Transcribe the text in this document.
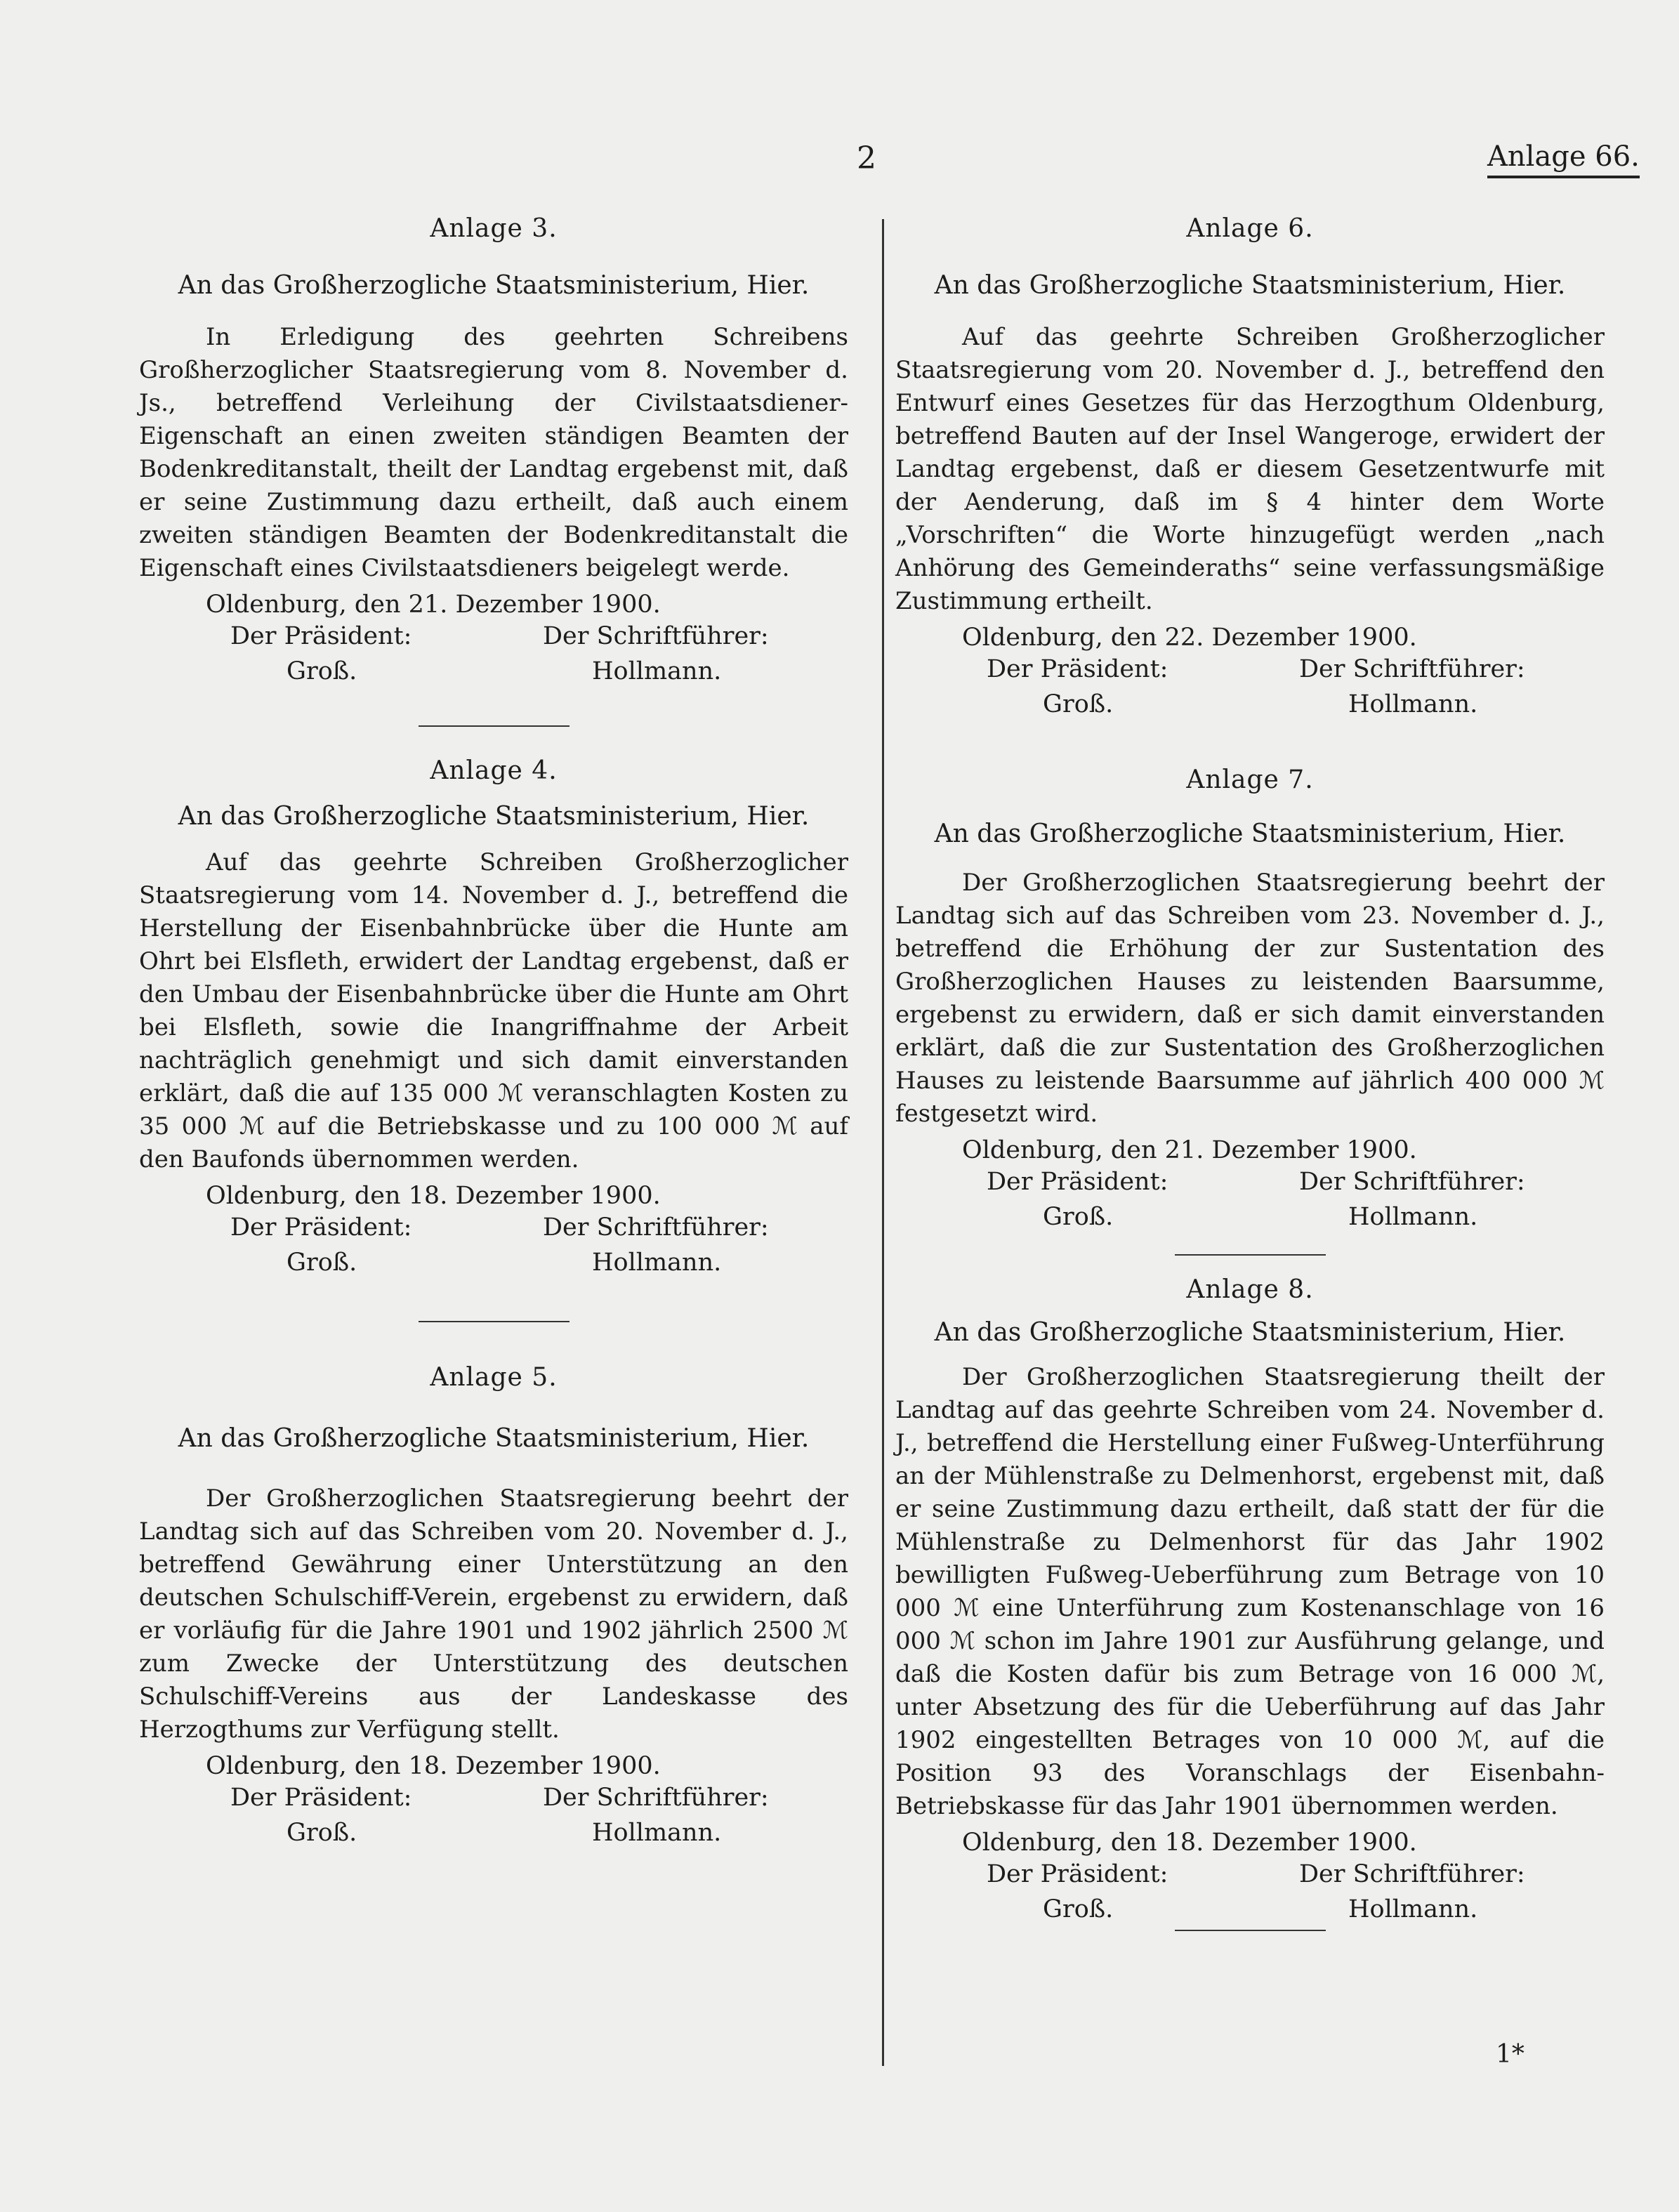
2	Anlage 66.
Anlage 3.
An das Großherzogliche Staatsministerium, Hier.

In Erledigung des geehrten Schreibens Großherzoglicher Staatsregierung vom 8. November d. Js., betreffend Verleihung der Civilstaatsdiener-Eigenschaft an einen zweiten ständigen Beamten der Bodenkreditanstalt, theilt der Landtag ergebenst mit, daß er seine Zustimmung dazu ertheilt, daß auch einem zweiten ständigen Beamten der Bodenkreditanstalt die Eigenschaft eines Civilstaatsdieners beigelegt werde.

Oldenburg, den 21. Dezember 1900.
Der Präsident:
Groß.
Der Schriftführer:
Hollmann.
Anlage 4.
An das Großherzogliche Staatsministerium, Hier.

Auf das geehrte Schreiben Großherzoglicher Staatsregierung vom 14. November d. J., betreffend die Herstellung der Eisenbahnbrücke über die Hunte am Ohrt bei Elsfleth, erwidert der Landtag ergebenst, daß er den Umbau der Eisenbahnbrücke über die Hunte am Ohrt bei Elsfleth, sowie die Inangriffnahme der Arbeit nachträglich genehmigt und sich damit einverstanden erklärt, daß die auf 135 000 ℳ veranschlagten Kosten zu 35 000 ℳ auf die Betriebskasse und zu 100 000 ℳ auf den Baufonds übernommen werden.

Oldenburg, den 18. Dezember 1900.
Der Präsident:
Groß.
Der Schriftführer:
Hollmann.
Anlage 5.
An das Großherzogliche Staatsministerium, Hier.

Der Großherzoglichen Staatsregierung beehrt der Landtag sich auf das Schreiben vom 20. November d. J., betreffend Gewährung einer Unterstützung an den deutschen Schulschiff-Verein, ergebenst zu erwidern, daß er vorläufig für die Jahre 1901 und 1902 jährlich 2500 ℳ zum Zwecke der Unterstützung des deutschen Schulschiff-Vereins aus der Landeskasse des Herzogthums zur Verfügung stellt.

Oldenburg, den 18. Dezember 1900.
Der Präsident:
Groß.
Der Schriftführer:
Hollmann.
Anlage 6.
An das Großherzogliche Staatsministerium, Hier.

Auf das geehrte Schreiben Großherzoglicher Staatsregierung vom 20. November d. J., betreffend den Entwurf eines Gesetzes für das Herzogthum Oldenburg, betreffend Bauten auf der Insel Wangeroge, erwidert der Landtag ergebenst, daß er diesem Gesetzentwurfe mit der Aenderung, daß im § 4 hinter dem Worte „Vorschriften“ die Worte hinzugefügt werden „nach Anhörung des Gemeinderaths“ seine verfassungsmäßige Zustimmung ertheilt.

Oldenburg, den 22. Dezember 1900.
Der Präsident:
Groß.
Der Schriftführer:
Hollmann.
Anlage 7.
An das Großherzogliche Staatsministerium, Hier.

Der Großherzoglichen Staatsregierung beehrt der Landtag sich auf das Schreiben vom 23. November d. J., betreffend die Erhöhung der zur Sustentation des Großherzoglichen Hauses zu leistenden Baarsumme, ergebenst zu erwidern, daß er sich damit einverstanden erklärt, daß die zur Sustentation des Großherzoglichen Hauses zu leistende Baarsumme auf jährlich 400 000 ℳ festgesetzt wird.

Oldenburg, den 21. Dezember 1900.
Der Präsident:
Groß.
Der Schriftführer:
Hollmann.
Anlage 8.
An das Großherzogliche Staatsministerium, Hier.

Der Großherzoglichen Staatsregierung theilt der Landtag auf das geehrte Schreiben vom 24. November d. J., betreffend die Herstellung einer Fußweg-Unterführung an der Mühlenstraße zu Delmenhorst, ergebenst mit, daß er seine Zustimmung dazu ertheilt, daß statt der für die Mühlenstraße zu Delmenhorst für das Jahr 1902 bewilligten Fußweg-Ueberführung zum Betrage von 10 000 ℳ eine Unterführung zum Kostenanschlage von 16 000 ℳ schon im Jahre 1901 zur Ausführung gelange, und daß die Kosten dafür bis zum Betrage von 16 000 ℳ, unter Absetzung des für die Ueberführung auf das Jahr 1902 eingestellten Betrages von 10 000 ℳ, auf die Position 93 des Voranschlags der Eisenbahn-Betriebskasse für das Jahr 1901 übernommen werden.

Oldenburg, den 18. Dezember 1900.
Der Präsident:
Groß.
Der Schriftführer:
Hollmann.
1*
